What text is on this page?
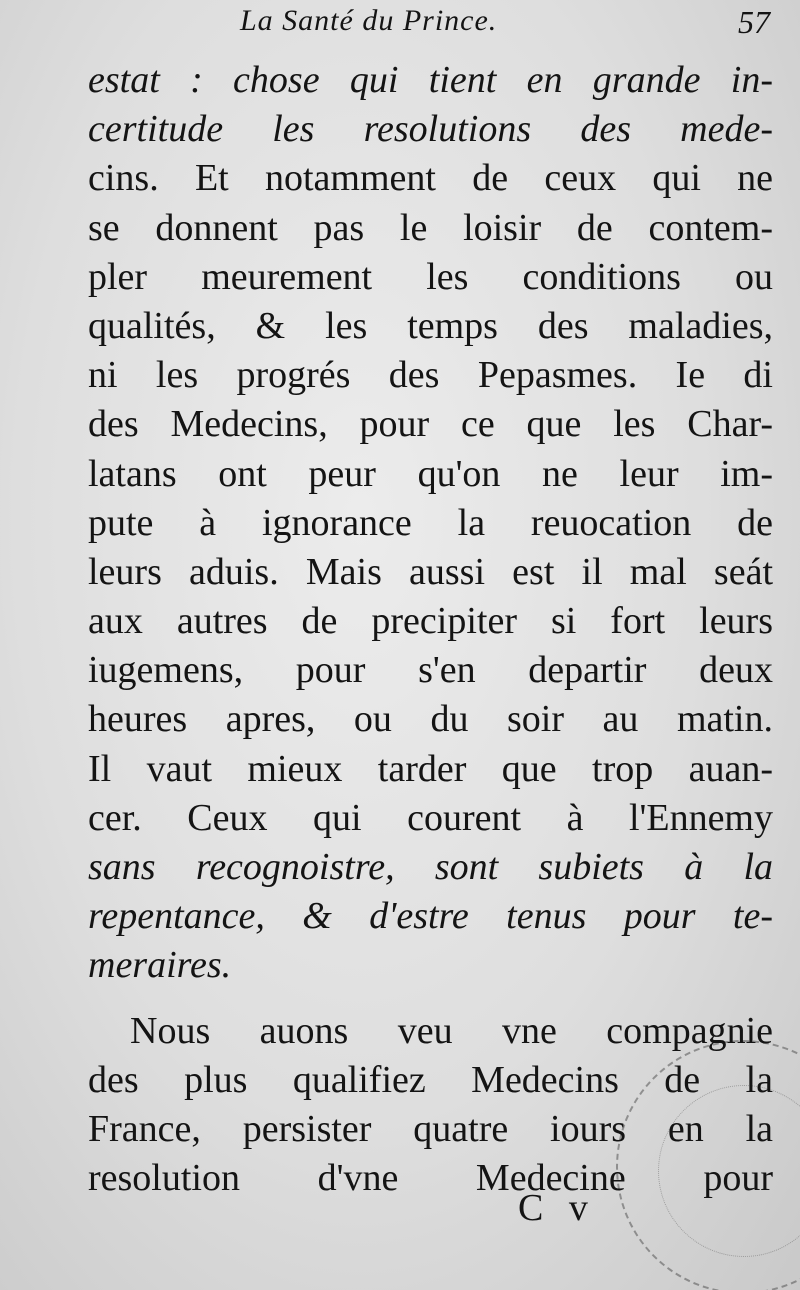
La Santé du Prince.	57
estat : chose qui tient en grande in-
certitude les resolutions des mede-
cins. Et notamment de ceux qui ne
se donnent pas le loisir de contem-
pler meurement les conditions ou
qualités, & les temps des maladies,
ni les progrés des Pepasmes. Ie di
des Medecins, pour ce que les Char-
latans ont peur qu'on ne leur im-
pute à ignorance la reuocation de
leurs aduis. Mais aussi est il mal seát
aux autres de precipiter si fort leurs
iugemens, pour s'en departir deux
heures apres, ou du soir au matin.
Il vaut mieux tarder que trop auan-
cer. Ceux qui courent à l'Ennemy
sans recognoistre, sont subiets à la
repentance, & d'estre tenus pour te-
meraires.
Nous auons veu vne compagnie
des plus qualifiez Medecins de la
France, persister quatre iours en la
resolution d'vne Medecine pour
C v
